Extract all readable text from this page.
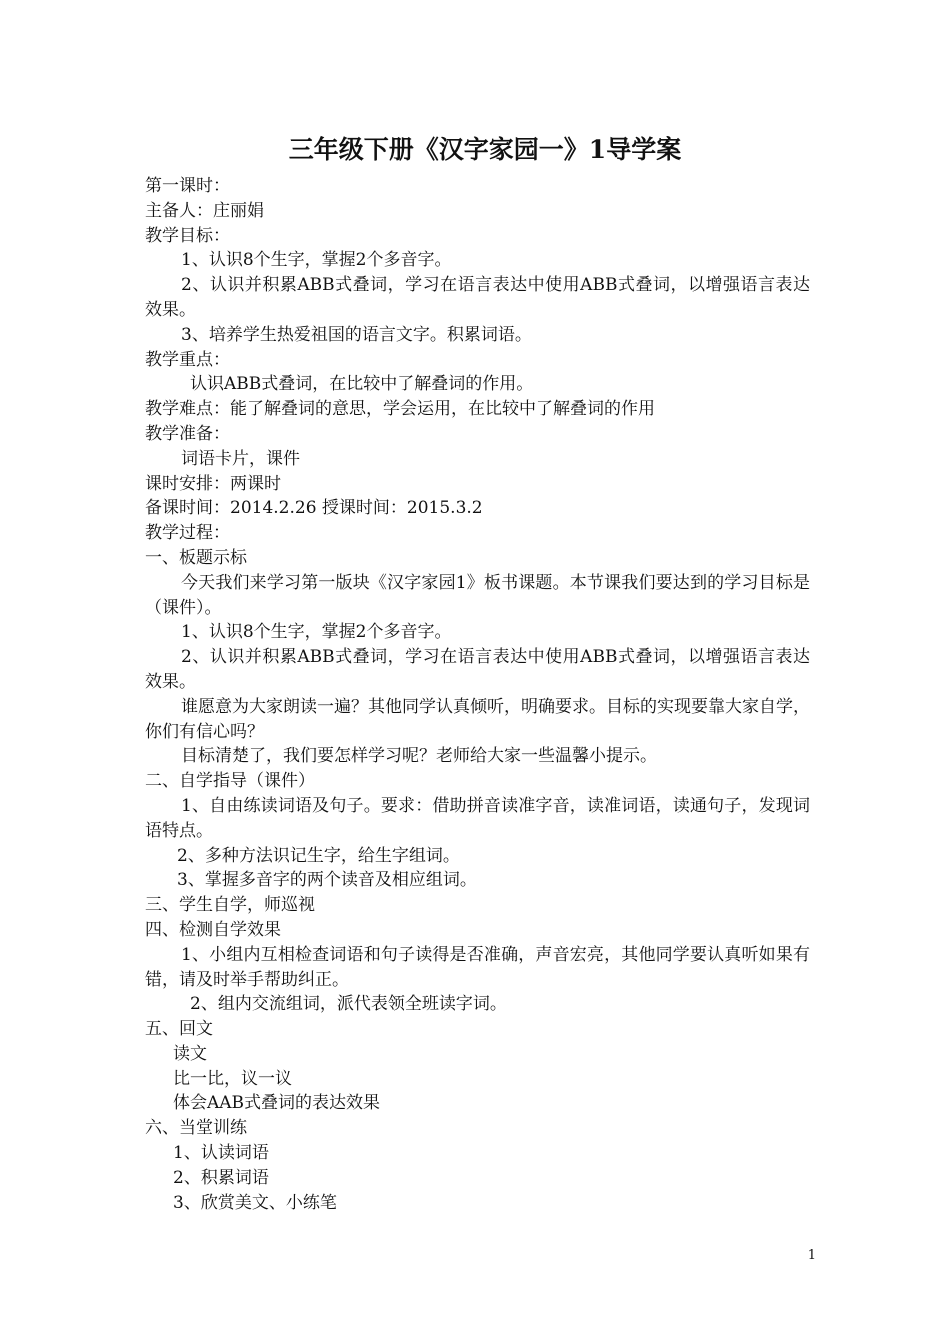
三年级下册《汉字家园一》1导学案
第一课时：
主备人：庄丽娟
教学目标：
1、认识8个生字，掌握2个多音字。
2、认识并积累ABB式叠词，学习在语言表达中使用ABB式叠词，以增强语言表达效果。
3、培养学生热爱祖国的语言文字。积累词语。
教学重点：
认识ABB式叠词，在比较中了解叠词的作用。
教学难点：能了解叠词的意思，学会运用，在比较中了解叠词的作用
教学准备：
词语卡片，课件
课时安排：两课时
备课时间：2014.2.26 授课时间：2015.3.2
教学过程：
一、板题示标
今天我们来学习第一版块《汉字家园1》板书课题。本节课我们要达到的学习目标是（课件）。
1、认识8个生字，掌握2个多音字。
2、认识并积累ABB式叠词，学习在语言表达中使用ABB式叠词，以增强语言表达效果。
谁愿意为大家朗读一遍？其他同学认真倾听，明确要求。目标的实现要靠大家自学，你们有信心吗？
目标清楚了，我们要怎样学习呢？老师给大家一些温馨小提示。
二、自学指导（课件）
1、自由练读词语及句子。要求：借助拼音读准字音，读准词语，读通句子，发现词语特点。
2、多种方法识记生字，给生字组词。
3、掌握多音字的两个读音及相应组词。
三、学生自学，师巡视
四、检测自学效果
1、小组内互相检查词语和句子读得是否准确，声音宏亮，其他同学要认真听如果有错，请及时举手帮助纠正。
2、组内交流组词，派代表领全班读字词。
五、回文
读文
比一比，议一议
体会AAB式叠词的表达效果
六、当堂训练
1、认读词语
2、积累词语
3、欣赏美文、小练笔
1
